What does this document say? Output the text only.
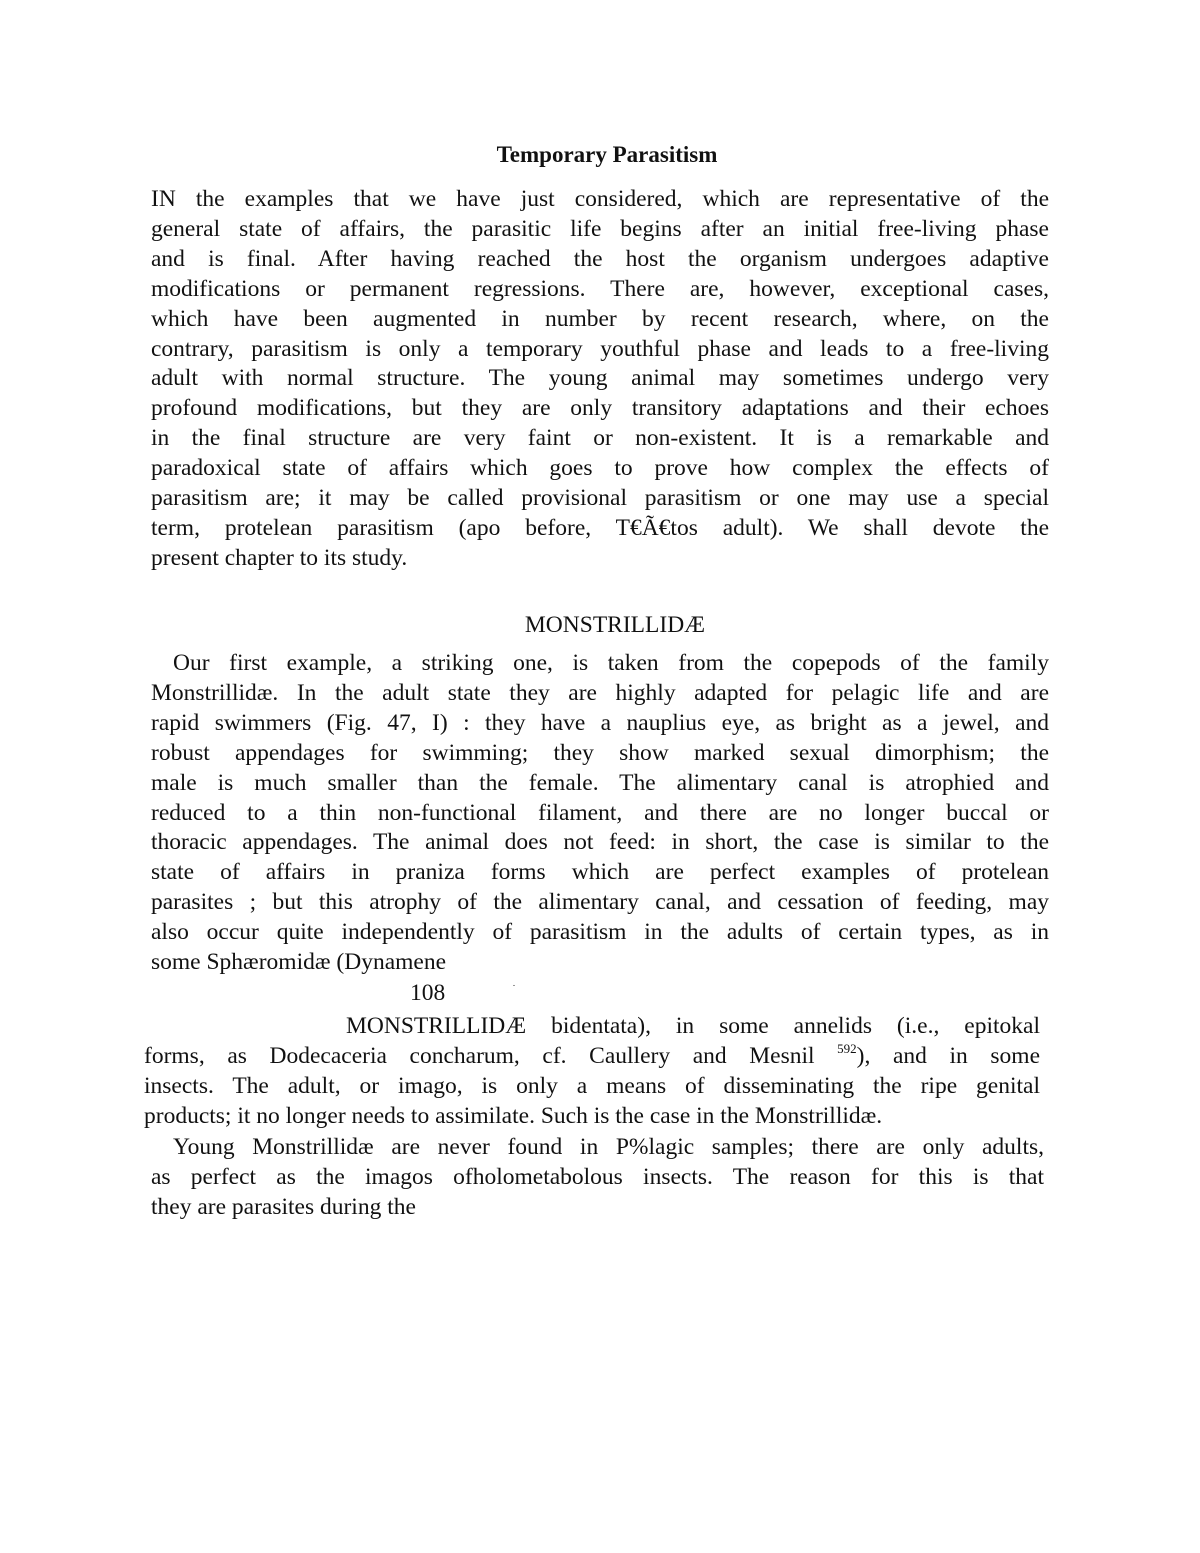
Temporary Parasitism
IN the examples that we have just considered, which are representative of the
general state of affairs, the parasitic life begins after an initial free-living phase
and is final. After having reached the host the organism undergoes adaptive
modifications or permanent regressions. There are, however, exceptional cases,
which have been augmented in number by recent research, where, on the
contrary, parasitism is only a temporary youthful phase and leads to a free-living
adult with normal structure. The young animal may sometimes undergo very
profound modifications, but they are only transitory adaptations and their echoes
in the final structure are very faint or non-existent. It is a remarkable and
paradoxical state of affairs which goes to prove how complex the effects of
parasitism are; it may be called provisional parasitism or one may use a special
term, protelean parasitism (apo before, T€Ã€tos adult). We shall devote the
present chapter to its study.
MONSTRILLIDÆ
Our first example, a striking one, is taken from the copepods of the family
Monstrillidæ. In the adult state they are highly adapted for pelagic life and are
rapid swimmers (Fig. 47, I) : they have a nauplius eye, as bright as a jewel, and
robust appendages for swimming; they show marked sexual dimorphism; the
male is much smaller than the female. The alimentary canal is atrophied and
reduced to a thin non-functional filament, and there are no longer buccal or
thoracic appendages. The animal does not feed: in short, the case is similar to the
state of affairs in praniza forms which are perfect examples of protelean
parasites ; but this atrophy of the alimentary canal, and cessation of feeding, may
also occur quite independently of parasitism in the adults of certain types, as in
some Sphæromidæ (Dynamene
108
MONSTRILLIDÆ bidentata), in some annelids (i.e., epitokal
forms, as Dodecaceria concharum, cf. Caullery and Mesnil $^{592}$), and in some
insects. The adult, or imago, is only a means of disseminating the ripe genital
products; it no longer needs to assimilate. Such is the case in the Monstrillidæ.
Young Monstrillidæ are never found in P%lagic samples; there are only adults,
as perfect as the imagos ofholometabolous insects. The reason for this is that
they are parasites during the
